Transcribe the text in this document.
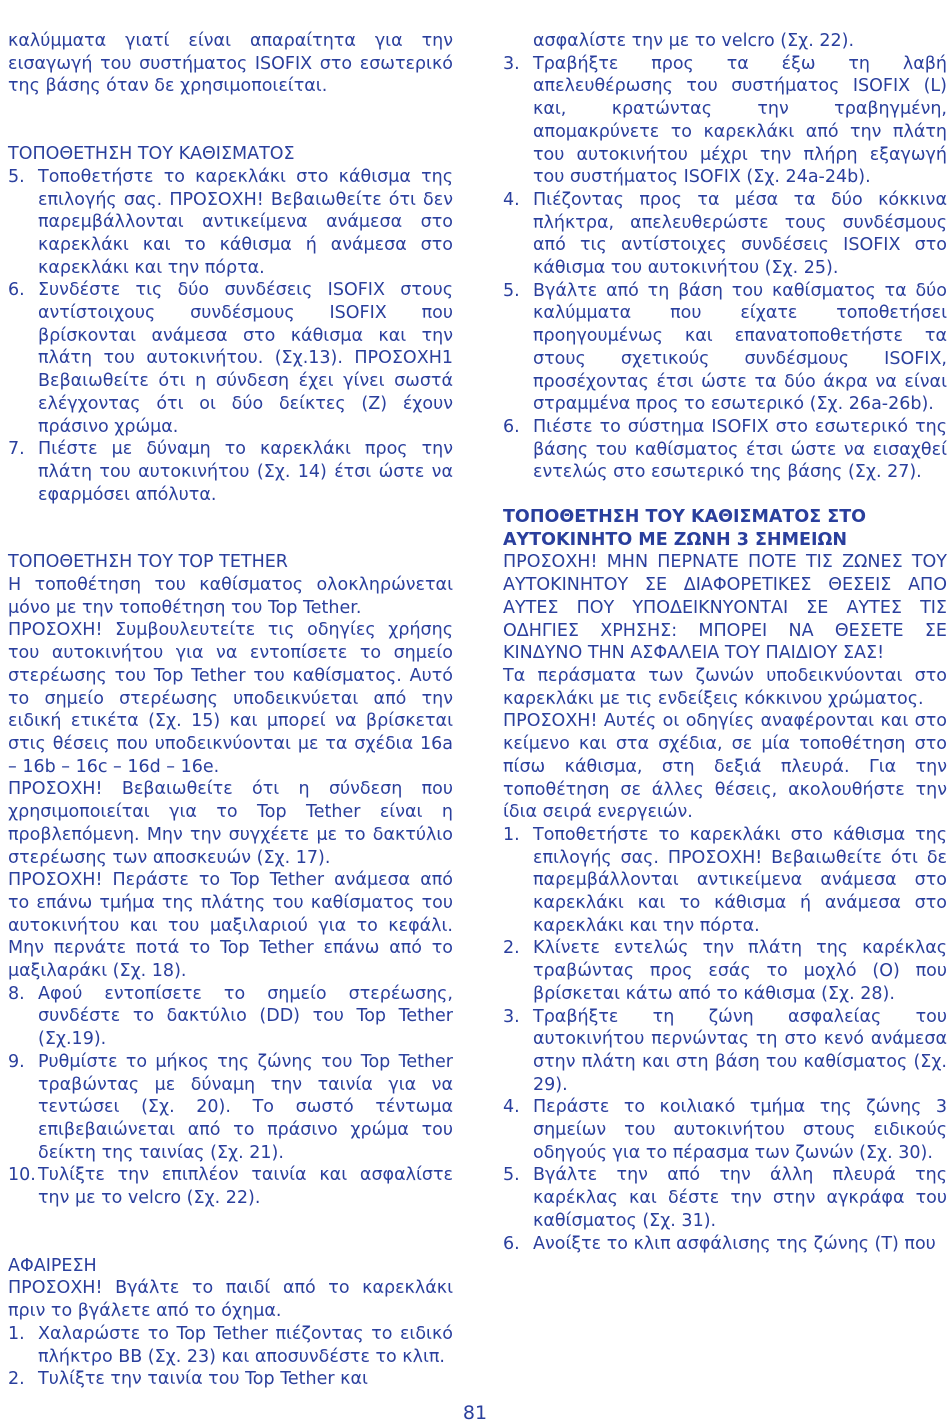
καλύμματα γιατί είναι απαραίτητα για την εισαγωγή του συστήματος ISOFIX στο εσωτερικό της βάσης όταν δε χρησιμοποιείται.

ΤΟΠΟΘΕΤΗΣΗ ΤΟΥ ΚΑΘΙΣΜΑΤΟΣ

5. Τοποθετήστε το καρεκλάκι στο κάθισμα της επιλογής σας. ΠΡΟΣΟΧΗ! Βεβαιωθείτε ότι δεν παρεμβάλλονται αντικείμενα ανάμεσα στο καρεκλάκι και το κάθισμα ή ανάμεσα στο καρεκλάκι και την πόρτα.
6. Συνδέστε τις δύο συνδέσεις ISOFIX στους αντίστοιχους συνδέσμους ISOFIX που βρίσκονται ανάμεσα στο κάθισμα και την πλάτη του αυτοκινήτου. (Σχ.13). ΠΡΟΣΟΧΗ1 Βεβαιωθείτε ότι η σύνδεση έχει γίνει σωστά ελέγχοντας ότι οι δύο δείκτες (Z) έχουν πράσινο χρώμα.
7. Πιέστε με δύναμη το καρεκλάκι προς την πλάτη του αυτοκινήτου (Σχ. 14) έτσι ώστε να εφαρμόσει απόλυτα.

ΤΟΠΟΘΕΤΗΣΗ ΤΟΥ TOP TETHER

Η τοποθέτηση του καθίσματος ολοκληρώνεται μόνο με την τοποθέτηση του Top Tether.

ΠΡΟΣΟΧΗ! Συμβουλευτείτε τις οδηγίες χρήσης του αυτοκινήτου για να εντοπίσετε το σημείο στερέωσης του Top Tether του καθίσματος. Αυτό το σημείο στερέωσης υποδεικνύεται από την ειδική ετικέτα (Σχ. 15) και μπορεί να βρίσκεται στις θέσεις που υποδεικνύονται με τα σχέδια 16a – 16b – 16c – 16d – 16e.

ΠΡΟΣΟΧΗ! Βεβαιωθείτε ότι η σύνδεση που χρησιμοποιείται για το Top Tether είναι η προβλεπόμενη. Μην την συγχέετε με το δακτύλιο στερέωσης των αποσκευών (Σχ. 17).

ΠΡΟΣΟΧΗ! Περάστε το Top Tether ανάμεσα από το επάνω τμήμα της πλάτης του καθίσματος του αυτοκινήτου και του μαξιλαριού για το κεφάλι. Μην περνάτε ποτά το Top Tether επάνω από το μαξιλαράκι (Σχ. 18).

8. Αφού εντοπίσετε το σημείο στερέωσης, συνδέστε το δακτύλιο (DD) του Top Tether (Σχ.19).
9. Ρυθμίστε το μήκος της ζώνης του Top Tether τραβώντας με δύναμη την ταινία για να τεντώσει (Σχ. 20). Το σωστό τέντωμα επιβεβαιώνεται από το πράσινο χρώμα του δείκτη της ταινίας (Σχ. 21).
10. Τυλίξτε την επιπλέον ταινία και ασφαλίστε την με το velcro (Σχ. 22).

ΑΦΑΙΡΕΣΗ

ΠΡΟΣΟΧΗ! Βγάλτε το παιδί από το καρεκλάκι πριν το βγάλετε από το όχημα.

1. Χαλαρώστε το Top Tether πιέζοντας το ειδικό πλήκτρο BB (Σχ. 23) και αποσυνδέστε το κλιπ.
2. Τυλίξτε την ταινία του Top Tether και
ασφαλίστε την με το velcro (Σχ. 22).
3. Τραβήξτε προς τα έξω τη λαβή απελευθέρωσης του συστήματος ISOFIX (L) και, κρατώντας την τραβηγμένη, απομακρύνετε το καρεκλάκι από την πλάτη του αυτοκινήτου μέχρι την πλήρη εξαγωγή του συστήματος ISOFIX (Σχ. 24a-24b).
4. Πιέζοντας προς τα μέσα τα δύο κόκκινα πλήκτρα, απελευθερώστε τους συνδέσμους από τις αντίστοιχες συνδέσεις ISOFIX στο κάθισμα του αυτοκινήτου (Σχ. 25).
5. Βγάλτε από τη βάση του καθίσματος τα δύο καλύμματα που είχατε τοποθετήσει προηγουμένως και επανατοποθετήστε τα στους σχετικούς συνδέσμους ISOFIX, προσέχοντας έτσι ώστε τα δύο άκρα να είναι στραμμένα προς το εσωτερικό (Σχ. 26a-26b).
6. Πιέστε το σύστημα ISOFIX στο εσωτερικό της βάσης του καθίσματος έτσι ώστε να εισαχθεί εντελώς στο εσωτερικό της βάσης (Σχ. 27).

ΤΟΠΟΘΕΤΗΣΗ ΤΟΥ ΚΑΘΙΣΜΑΤΟΣ ΣΤΟ

ΑΥΤΟΚΙΝΗΤΟ ΜΕ ΖΩΝΗ 3 ΣΗΜΕΙΩΝ

ΠΡΟΣΟΧΗ! ΜΗΝ ΠΕΡΝΑΤΕ ΠΟΤΕ ΤΙΣ ΖΩΝΕΣ ΤΟΥ ΑΥΤΟΚΙΝΗΤΟΥ ΣΕ ΔΙΑΦΟΡΕΤΙΚΕΣ ΘΕΣΕΙΣ ΑΠΟ ΑΥΤΕΣ ΠΟΥ ΥΠΟΔΕΙΚΝΥΟΝΤΑΙ ΣΕ ΑΥΤΕΣ ΤΙΣ ΟΔΗΓΙΕΣ ΧΡΗΣΗΣ: ΜΠΟΡΕΙ ΝΑ ΘΕΣΕΤΕ ΣΕ ΚΙΝΔΥΝΟ ΤΗΝ ΑΣΦΑΛΕΙΑ ΤΟΥ ΠΑΙΔΙΟΥ ΣΑΣ!

Τα περάσματα των ζωνών υποδεικνύονται στο καρεκλάκι με τις ενδείξεις κόκκινου χρώματος.

ΠΡΟΣΟΧΗ! Αυτές οι οδηγίες αναφέρονται και στο κείμενο και στα σχέδια, σε μία τοποθέτηση στο πίσω κάθισμα, στη δεξιά πλευρά. Για την τοποθέτηση σε άλλες θέσεις, ακολουθήστε την ίδια σειρά ενεργειών.

1. Τοποθετήστε το καρεκλάκι στο κάθισμα της επιλογής σας. ΠΡΟΣΟΧΗ! Βεβαιωθείτε ότι δε παρεμβάλλονται αντικείμενα ανάμεσα στο καρεκλάκι και το κάθισμα ή ανάμεσα στο καρεκλάκι και την πόρτα.
2. Κλίνετε εντελώς την πλάτη της καρέκλας τραβώντας προς εσάς το μοχλό (O) που βρίσκεται κάτω από το κάθισμα (Σχ. 28).
3. Τραβήξτε τη ζώνη ασφαλείας του αυτοκινήτου περνώντας τη στο κενό ανάμεσα στην πλάτη και στη βάση του καθίσματος (Σχ. 29).
4. Περάστε το κοιλιακό τμήμα της ζώνης 3 σημείων του αυτοκινήτου στους ειδικούς οδηγούς για το πέρασμα των ζωνών (Σχ. 30).
5. Βγάλτε την από την άλλη πλευρά της καρέκλας και δέστε την στην αγκράφα του καθίσματος (Σχ. 31).
6. Ανοίξτε το κλιπ ασφάλισης της ζώνης (T) που
81
